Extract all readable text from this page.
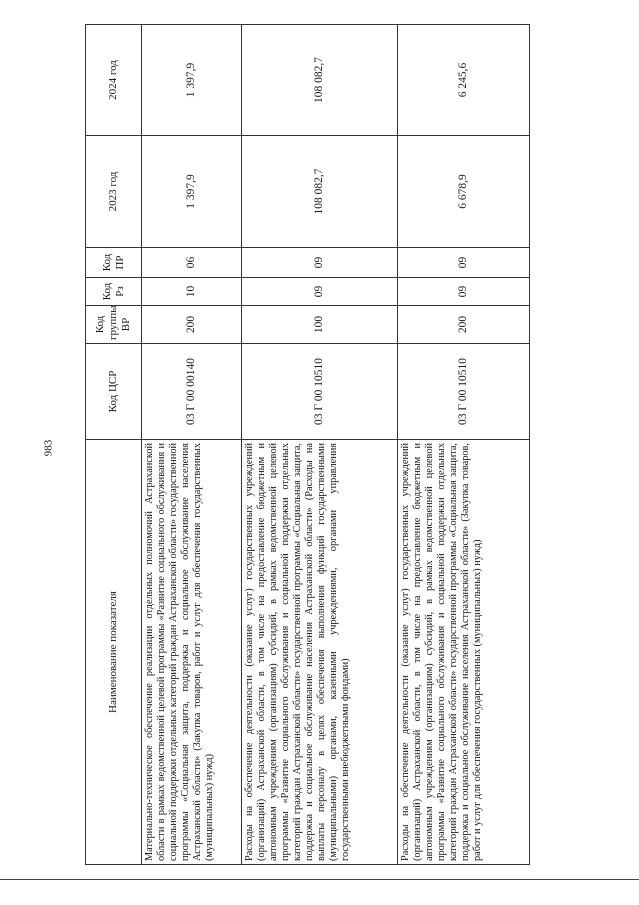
983
Наименование показателя	Код ЦСР	Код группы ВР	Код Рз	Код ПР	2023 год	2024 год
Материально-техническое обеспечение реализации отдельных полномочий Астраханской области в рамках ведомственной целевой программы «Развитие социального обслуживания и социальной поддержки отдельных категорий граждан Астраханской области» государственной программы «Социальная защита, поддержка и социальное обслуживание населения Астраханской области» (Закупка товаров, работ и услуг для обеспечения государственных (муниципальных) нужд)	03 Г 00 00140	200	10	06	1 397,9	1 397,9
Расходы на обеспечение деятельности (оказание услуг) государственных учреждений (организаций) Астраханской области, в том числе на предоставление бюджетным и автономным учреждениям (организациям) субсидий, в рамках ведомственной целевой программы «Развитие социального обслуживания и социальной поддержки отдельных категорий граждан Астраханской области» государственной программы «Социальная защита, поддержка и социальное обслуживание населения Астраханской области» (Расходы на выплаты персоналу в целях обеспечения выполнения функций государственными (муниципальными) органами, казенными учреждениями, органами управления государственными внебюджетными фондами)	03 Г 00 10510	100	09	09	108 082,7	108 082,7
Расходы на обеспечение деятельности (оказание услуг) государственных учреждений (организаций) Астраханской области, в том числе на предоставление бюджетным и автономным учреждениям (организациям) субсидий, в рамках ведомственной целевой программы «Развитие социального обслуживания и социальной поддержки отдельных категорий граждан Астраханской области» государственной программы «Социальная защита, поддержка и социальное обслуживание населения Астраханской области» (Закупка товаров, работ и услуг для обеспечения государственных (муниципальных) нужд)	03 Г 00 10510	200	09	09	6 678,9	6 245,6
